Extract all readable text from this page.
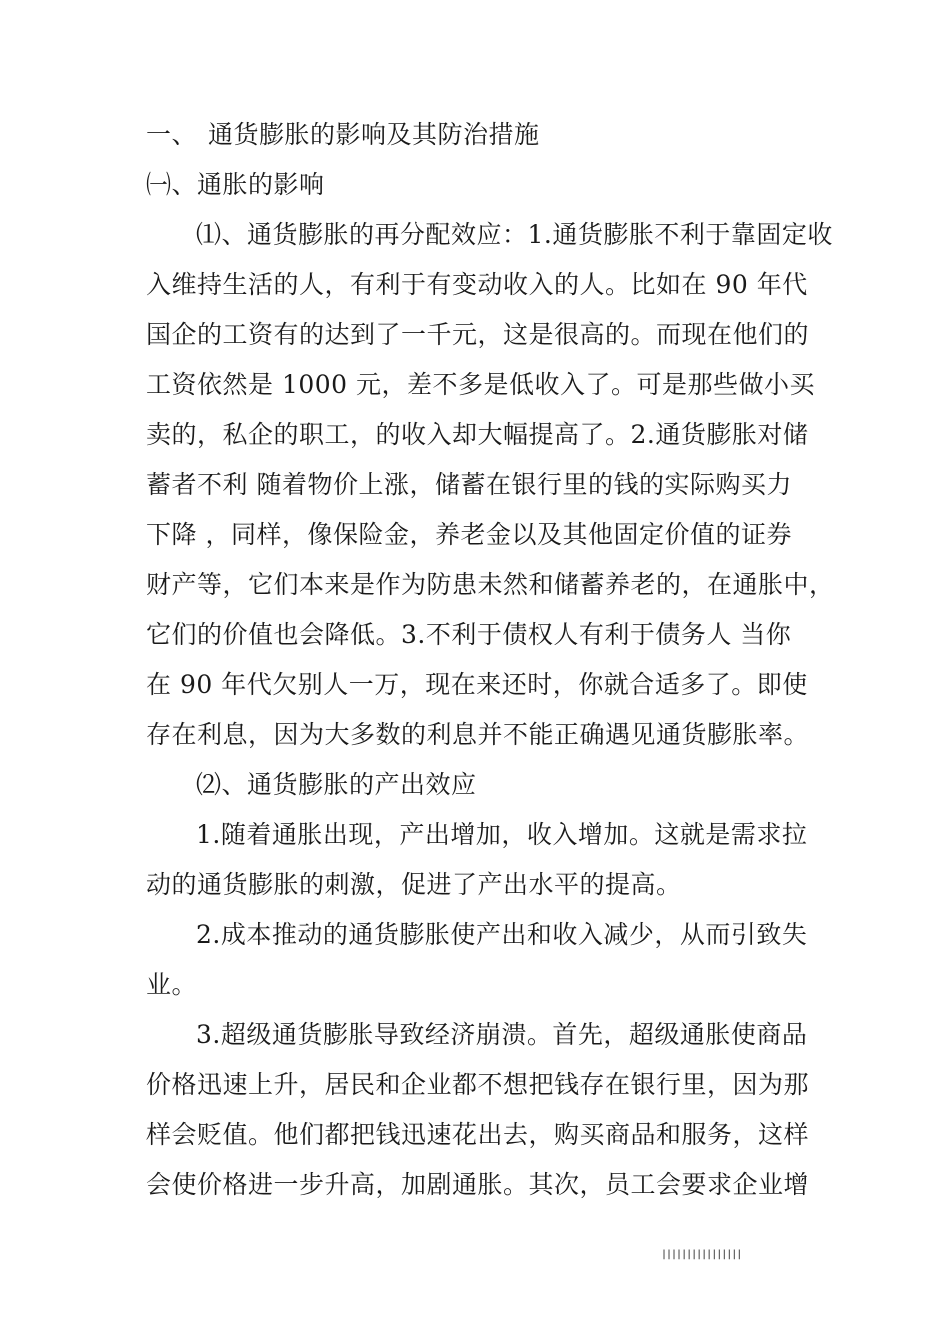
一、 通货膨胀的影响及其防治措施
㈠、通胀的影响
⑴、通货膨胀的再分配效应：1.通货膨胀不利于靠固定收
入维持生活的人，有利于有变动收入的人。比如在 90 年代
国企的工资有的达到了一千元，这是很高的。而现在他们的
工资依然是 1000 元，差不多是低收入了。可是那些做小买
卖的，私企的职工，的收入却大幅提高了。2.通货膨胀对储
蓄者不利 随着物价上涨，储蓄在银行里的钱的实际购买力
下降 ，同样，像保险金，养老金以及其他固定价值的证券
财产等，它们本来是作为防患未然和储蓄养老的，在通胀中，
它们的价值也会降低。3.不利于债权人有利于债务人 当你
在 90 年代欠别人一万，现在来还时，你就合适多了。即使
存在利息，因为大多数的利息并不能正确遇见通货膨胀率。
⑵、通货膨胀的产出效应
1.随着通胀出现，产出增加，收入增加。这就是需求拉
动的通货膨胀的刺激，促进了产出水平的提高。
2.成本推动的通货膨胀使产出和收入减少，从而引致失
业。
3.超级通货膨胀导致经济崩溃。首先，超级通胀使商品
价格迅速上升，居民和企业都不想把钱存在银行里，因为那
样会贬值。他们都把钱迅速花出去，购买商品和服务，这样
会使价格进一步升高，加剧通胀。其次，员工会要求企业增
||||||||||||||||
